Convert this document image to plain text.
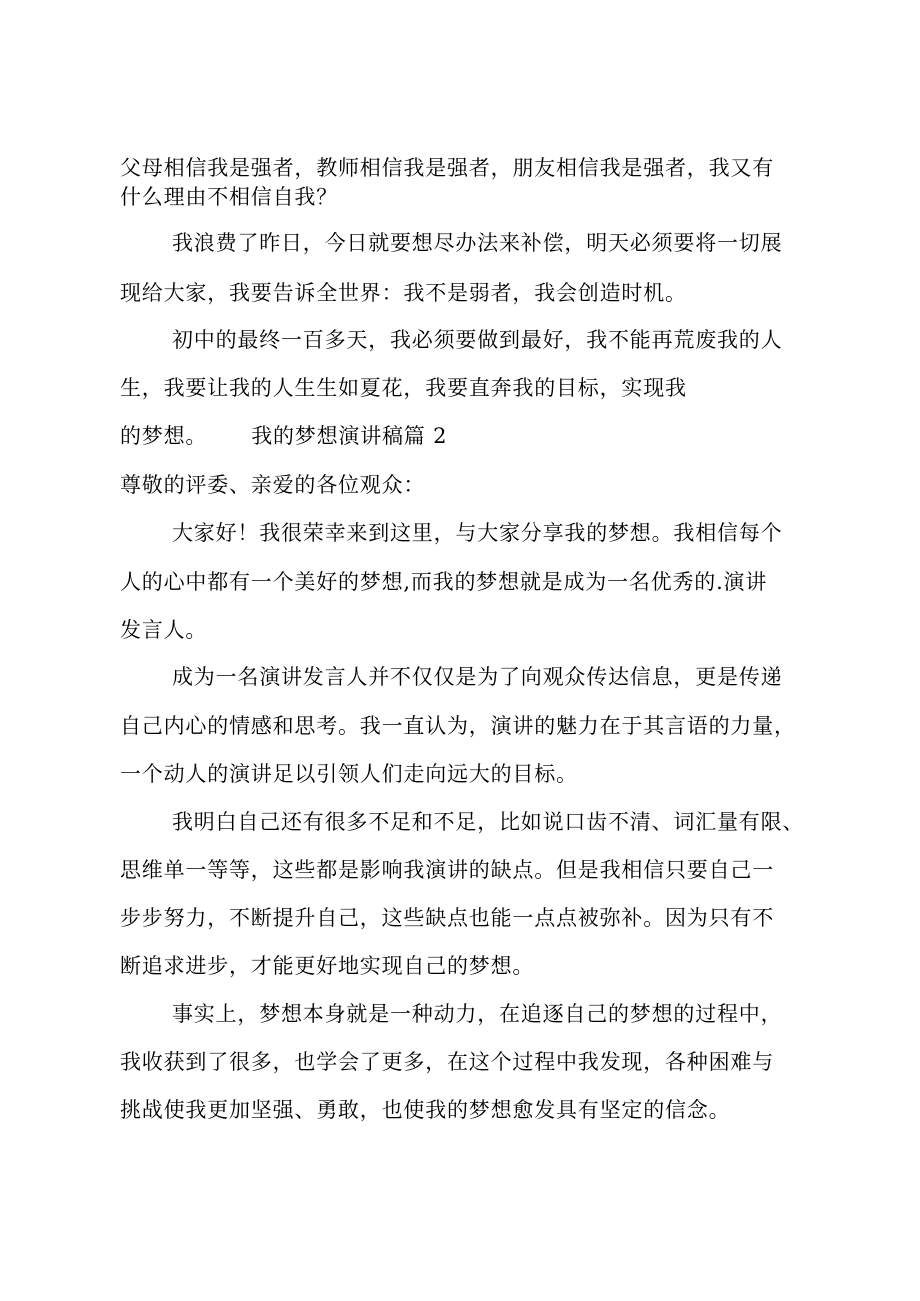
父母相信我是强者，教师相信我是强者，朋友相信我是强者，我又有
什么理由不相信自我？
我浪费了昨日，今日就要想尽办法来补偿，明天必须要将一切展
现给大家，我要告诉全世界：我不是弱者，我会创造时机。
初中的最终一百多天，我必须要做到最好，我不能再荒废我的人
生，我要让我的人生生如夏花，我要直奔我的目标，实现我
的梦想。 我的梦想演讲稿篇 2
尊敬的评委、亲爱的各位观众：
大家好！我很荣幸来到这里，与大家分享我的梦想。我相信每个
人的心中都有一个美好的梦想,而我的梦想就是成为一名优秀的.演讲
发言人。
成为一名演讲发言人并不仅仅是为了向观众传达信息，更是传递
自己内心的情感和思考。我一直认为，演讲的魅力在于其言语的力量，
一个动人的演讲足以引领人们走向远大的目标。
我明白自己还有很多不足和不足，比如说口齿不清、词汇量有限、
思维单一等等，这些都是影响我演讲的缺点。但是我相信只要自己一
步步努力，不断提升自己，这些缺点也能一点点被弥补。因为只有不
断追求进步，才能更好地实现自己的梦想。
事实上，梦想本身就是一种动力，在追逐自己的梦想的过程中，
我收获到了很多，也学会了更多，在这个过程中我发现，各种困难与
挑战使我更加坚强、勇敢，也使我的梦想愈发具有坚定的信念。
